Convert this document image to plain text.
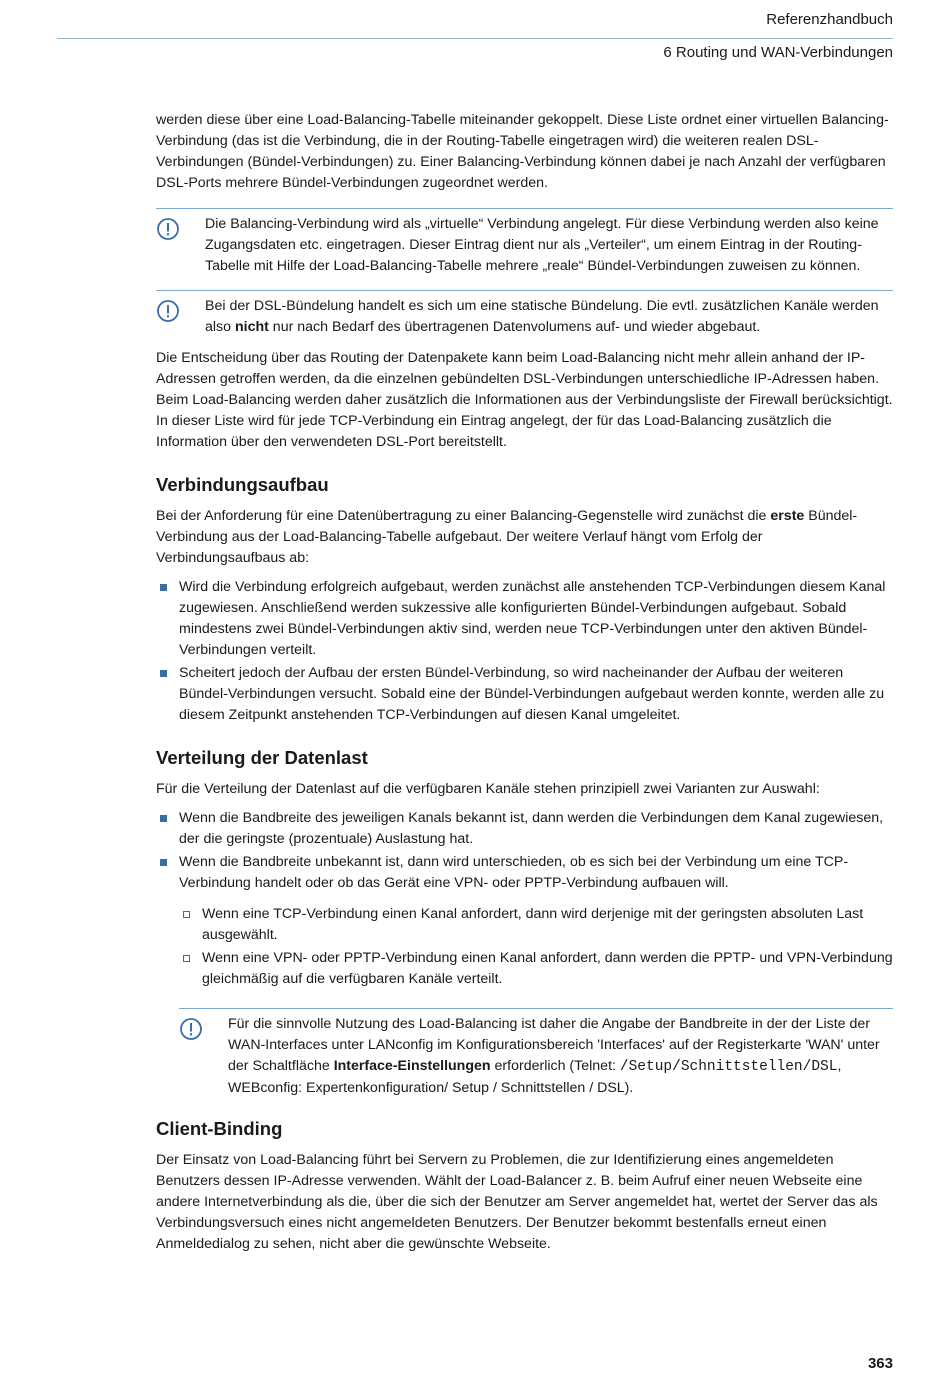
Referenzhandbuch
6 Routing und WAN-Verbindungen

werden diese über eine Load-Balancing-Tabelle miteinander gekoppelt. Diese Liste ordnet einer virtuellen Balancing-Verbindung (das ist die Verbindung, die in der Routing-Tabelle eingetragen wird) die weiteren realen DSL-Verbindungen (Bündel-Verbindungen) zu. Einer Balancing-Verbindung können dabei je nach Anzahl der verfügbaren DSL-Ports mehrere Bündel-Verbindungen zugeordnet werden.

Die Balancing-Verbindung wird als „virtuelle“ Verbindung angelegt. Für diese Verbindung werden also keine Zugangsdaten etc. eingetragen. Dieser Eintrag dient nur als „Verteiler“, um einem Eintrag in der Routing-Tabelle mit Hilfe der Load-Balancing-Tabelle mehrere „reale“ Bündel-Verbindungen zuweisen zu können.

Bei der DSL-Bündelung handelt es sich um eine statische Bündelung. Die evtl. zusätzlichen Kanäle werden also nicht nur nach Bedarf des übertragenen Datenvolumens auf- und wieder abgebaut.

Die Entscheidung über das Routing der Datenpakete kann beim Load-Balancing nicht mehr allein anhand der IP-Adressen getroffen werden, da die einzelnen gebündelten DSL-Verbindungen unterschiedliche IP-Adressen haben. Beim Load-Balancing werden daher zusätzlich die Informationen aus der Verbindungsliste der Firewall berücksichtigt. In dieser Liste wird für jede TCP-Verbindung ein Eintrag angelegt, der für das Load-Balancing zusätzlich die Information über den verwendeten DSL-Port bereitstellt.

Verbindungsaufbau

Bei der Anforderung für eine Datenübertragung zu einer Balancing-Gegenstelle wird zunächst die erste Bündel-Verbindung aus der Load-Balancing-Tabelle aufgebaut. Der weitere Verlauf hängt vom Erfolg der Verbindungsaufbaus ab:

Wird die Verbindung erfolgreich aufgebaut, werden zunächst alle anstehenden TCP-Verbindungen diesem Kanal zugewiesen. Anschließend werden sukzessive alle konfigurierten Bündel-Verbindungen aufgebaut. Sobald mindestens zwei Bündel-Verbindungen aktiv sind, werden neue TCP-Verbindungen unter den aktiven Bündel-Verbindungen verteilt.
Scheitert jedoch der Aufbau der ersten Bündel-Verbindung, so wird nacheinander der Aufbau der weiteren Bündel-Verbindungen versucht. Sobald eine der Bündel-Verbindungen aufgebaut werden konnte, werden alle zu diesem Zeitpunkt anstehenden TCP-Verbindungen auf diesen Kanal umgeleitet.
Verteilung der Datenlast

Für die Verteilung der Datenlast auf die verfügbaren Kanäle stehen prinzipiell zwei Varianten zur Auswahl:

Wenn die Bandbreite des jeweiligen Kanals bekannt ist, dann werden die Verbindungen dem Kanal zugewiesen, der die geringste (prozentuale) Auslastung hat.
Wenn die Bandbreite unbekannt ist, dann wird unterschieden, ob es sich bei der Verbindung um eine TCP-Verbindung handelt oder ob das Gerät eine VPN- oder PPTP-Verbindung aufbauen will.
Wenn eine TCP-Verbindung einen Kanal anfordert, dann wird derjenige mit der geringsten absoluten Last ausgewählt.
Wenn eine VPN- oder PPTP-Verbindung einen Kanal anfordert, dann werden die PPTP- und VPN-Verbindung gleichmäßig auf die verfügbaren Kanäle verteilt.

Für die sinnvolle Nutzung des Load-Balancing ist daher die Angabe der Bandbreite in der der Liste der WAN-Interfaces unter LANconfig im Konfigurationsbereich 'Interfaces' auf der Registerkarte 'WAN' unter der Schaltfläche Interface-Einstellungen erforderlich (Telnet: /Setup/Schnittstellen/DSL, WEBconfig: Expertenkonfiguration/ Setup / Schnittstellen / DSL).

Client-Binding

Der Einsatz von Load-Balancing führt bei Servern zu Problemen, die zur Identifizierung eines angemeldeten Benutzers dessen IP-Adresse verwenden. Wählt der Load-Balancer z. B. beim Aufruf einer neuen Webseite eine andere Internetverbindung als die, über die sich der Benutzer am Server angemeldet hat, wertet der Server das als Verbindungsversuch eines nicht angemeldeten Benutzers. Der Benutzer bekommt bestenfalls erneut einen Anmeldedialog zu sehen, nicht aber die gewünschte Webseite.

363
